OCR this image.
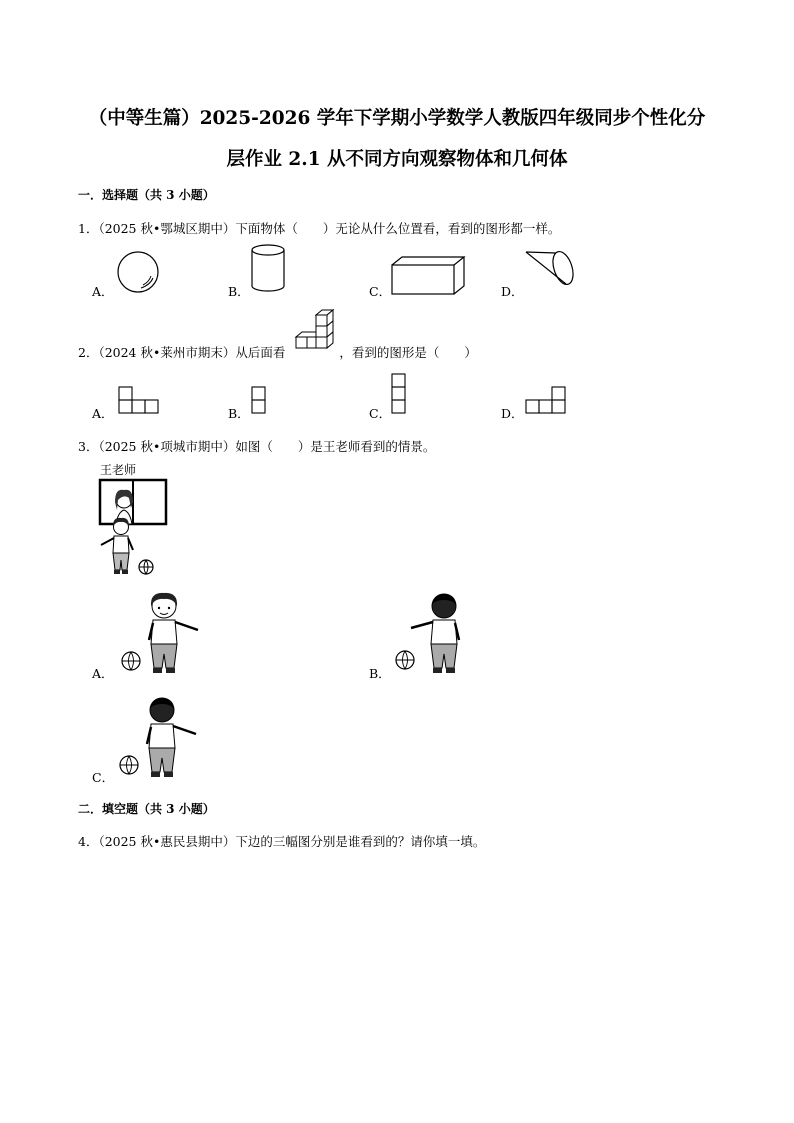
（中等生篇）2025-2026 学年下学期小学数学人教版四年级同步个性化分
层作业 2.1 从不同方向观察物体和几何体
一．选择题（共 3 小题）
1．（2025 秋•鄂城区期中）下面物体（　　）无论从什么位置看，看到的图形都一样。
A．	B．	C．	D．
2．（2024 秋•莱州市期末）从后面看	，看到的图形是（　　）
A．	B．	C．	D．
3．（2025 秋•项城市期中）如图（　　）是王老师看到的情景。
王老师
A．	B．
C．
二．填空题（共 3 小题）
4．（2025 秋•惠民县期中）下边的三幅图分别是谁看到的？请你填一填。
